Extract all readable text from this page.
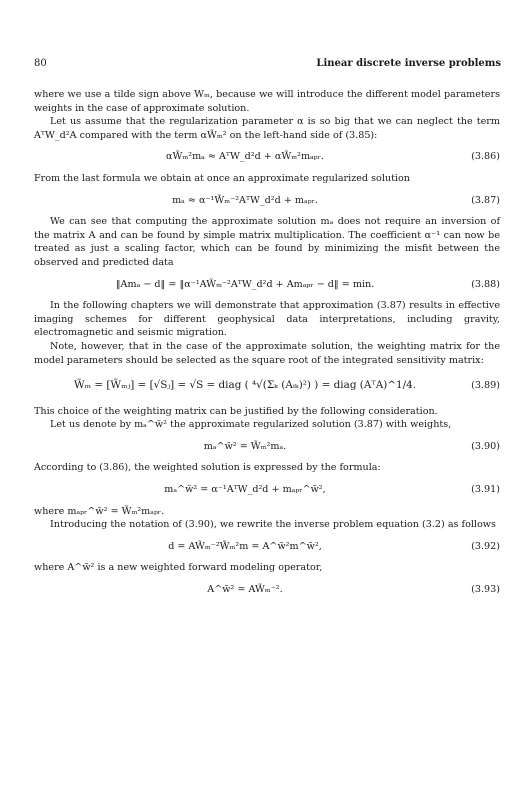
80	Linear discrete inverse problems

where we use a tilde sign above Wₘ, because we will introduce the different model parameters weights in the case of approximate solution.

Let us assume that the regularization parameter α is so big that we can neglect the term AᵀW_d²A compared with the term αW̃ₘ² on the left-hand side of (3.85):

αW̃ₘ²mₐ ≈ AᵀW_d²d + αW̃ₘ²mₐₚᵣ.	(3.86)

From the last formula we obtain at once an approximate regularized solution

mₐ ≈ α⁻¹W̃ₘ⁻²AᵀW_d²d + mₐₚᵣ.	(3.87)

We can see that computing the approximate solution mₐ does not require an inversion of the matrix A and can be found by simple matrix multiplication. The coefficient α⁻¹ can now be treated as just a scaling factor, which can be found by minimizing the misfit between the observed and predicted data

‖Amₐ − d‖ = ‖α⁻¹AW̃ₘ⁻²AᵀW_d²d + Amₐₚᵣ − d‖ = min.	(3.88)

In the following chapters we will demonstrate that approximation (3.87) results in effective imaging schemes for different geophysical data interpretations, including gravity, electromagnetic and seismic migration.

Note, however, that in the case of the approximate solution, the weighting matrix for the model parameters should be selected as the square root of the integrated sensitivity matrix:

W̃ₘ = [W̃ₘⱼ] = [√Sⱼ] = √S = diag ( ⁴√(Σₖ (Aᵢₖ)²) ) = diag (AᵀA)^1/4.	(3.89)

This choice of the weighting matrix can be justified by the following consideration.

Let us denote by mₐ^w̃² the approximate regularized solution (3.87) with weights,

mₐ^w̃² = W̃ₘ²mₐ.	(3.90)

According to (3.86), the weighted solution is expressed by the formula:

mₐ^w̃² = α⁻¹AᵀW_d²d + mₐₚᵣ^w̃²,	(3.91)

where mₐₚᵣ^w̃² = W̃ₘ²mₐₚᵣ.

Introducing the notation of (3.90), we rewrite the inverse problem equation (3.2) as follows

d = AW̃ₘ⁻²W̃ₘ²m = A^w̃²m^w̃²,	(3.92)

where A^w̃² is a new weighted forward modeling operator,

A^w̃² = AW̃ₘ⁻².	(3.93)
